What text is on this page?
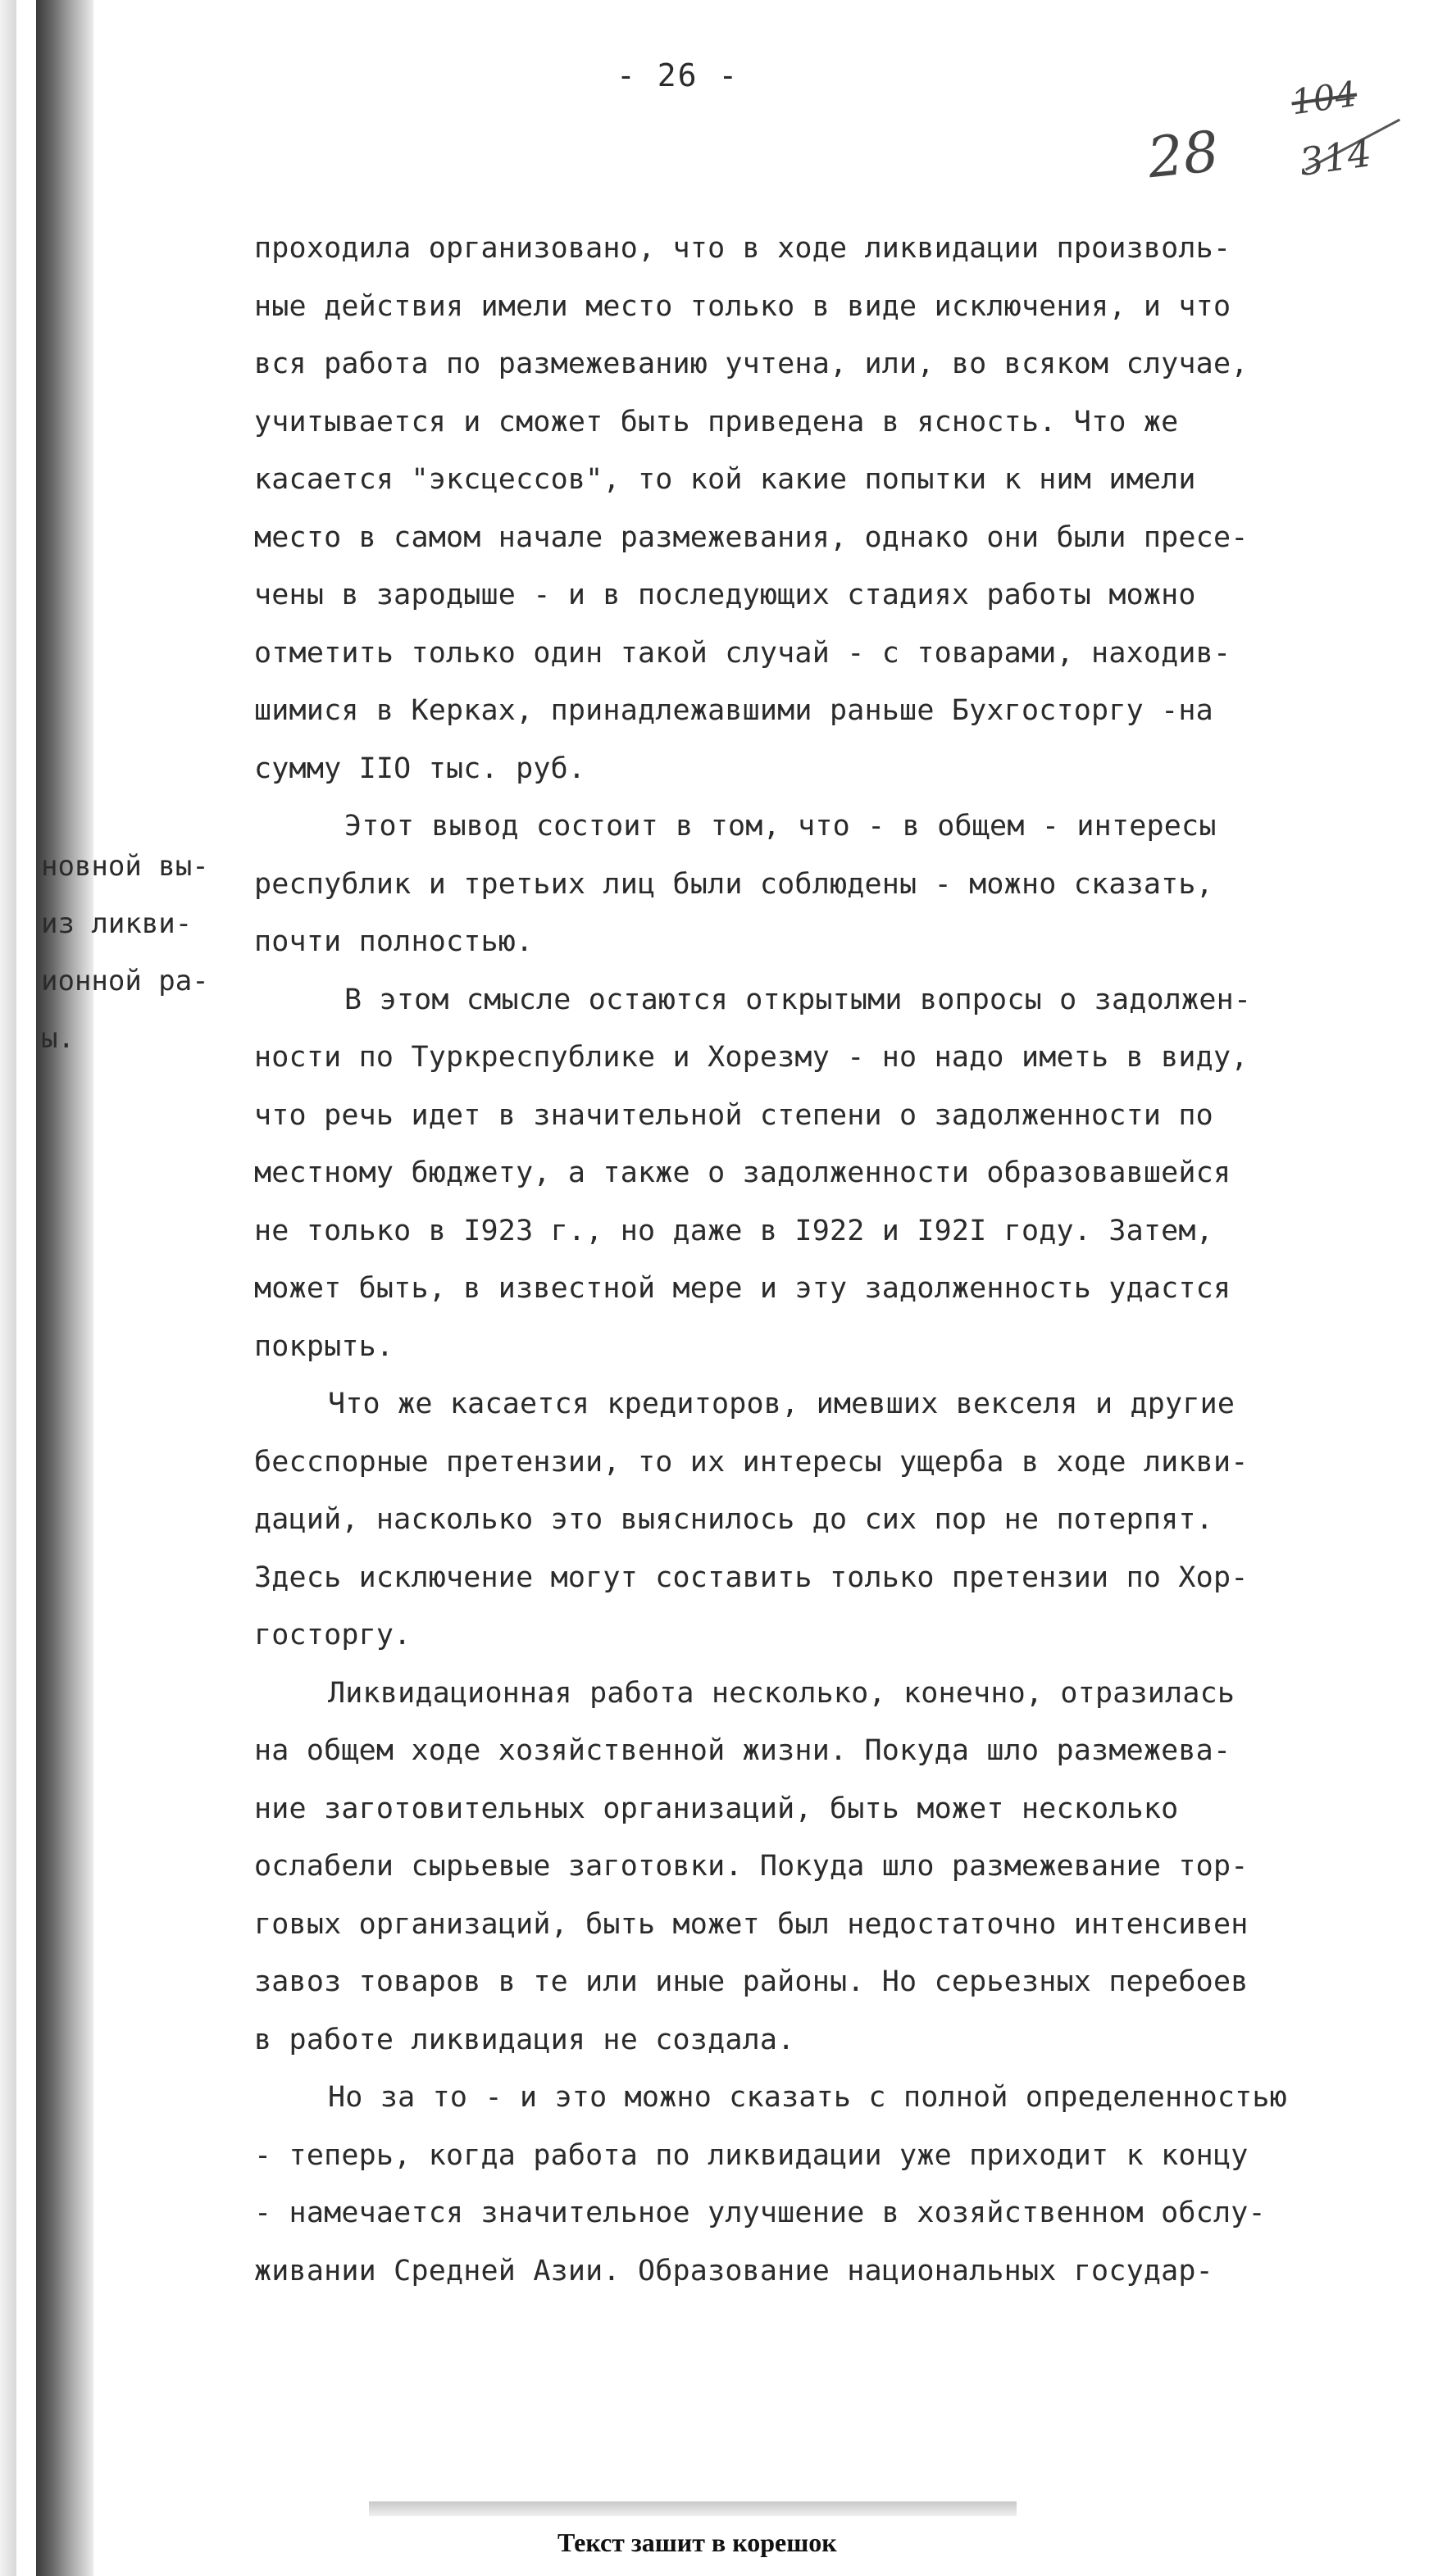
- 26 -
28
104
314
новной вы-
из ликви-
ионной ра-
ы.
проходила организовано, что в ходе ликвидации произволь-
ные действия имели место только в виде исключения, и что
вся работа по размежеванию учтена, или, во всяком случае,
учитывается и сможет быть приведена в ясность. Что же
касается "эксцессов", то кой какие попытки к ним имели
место в самом начале размежевания, однако они были пресе-
чены в зародыше - и в последующих стадиях работы можно
отметить только один такой случай - с товарами, находив-
шимися в Керках, принадлежавшими раньше Бухгосторгу -на
сумму IIО тыс. руб.
Этот вывод состоит в том, что - в общем - интересы
республик и третьих лиц были соблюдены - можно сказать,
почти полностью.
В этом смысле остаются открытыми вопросы о задолжен-
ности по Туркреспублике и Хорезму - но надо иметь в виду,
что речь идет в значительной степени о задолженности по
местному бюджету, а также о задолженности образовавшейся
не только в I923 г., но даже в I922 и I92I году. Затем,
может быть, в известной мере и эту задолженность удастся
покрыть.
Что же касается кредиторов, имевших векселя и другие
бесспорные претензии, то их интересы ущерба в ходе ликви-
даций, насколько это выяснилось до сих пор не потерпят.
Здесь исключение могут составить только претензии по Хор-
госторгу.
Ликвидационная работа несколько, конечно, отразилась
на общем ходе хозяйственной жизни. Покуда шло размежева-
ние заготовительных организаций, быть может несколько
ослабели сырьевые заготовки. Покуда шло размежевание тор-
говых организаций, быть может был недостаточно интенсивен
завоз товаров в те или иные районы. Но серьезных перебоев
в работе ликвидация не создала.
Но за то - и это можно сказать с полной определенностью
- теперь, когда работа по ликвидации уже приходит к концу
- намечается значительное улучшение в хозяйственном обслу-
живании Средней Азии. Образование национальных государ-
Текст зашит в корешок
